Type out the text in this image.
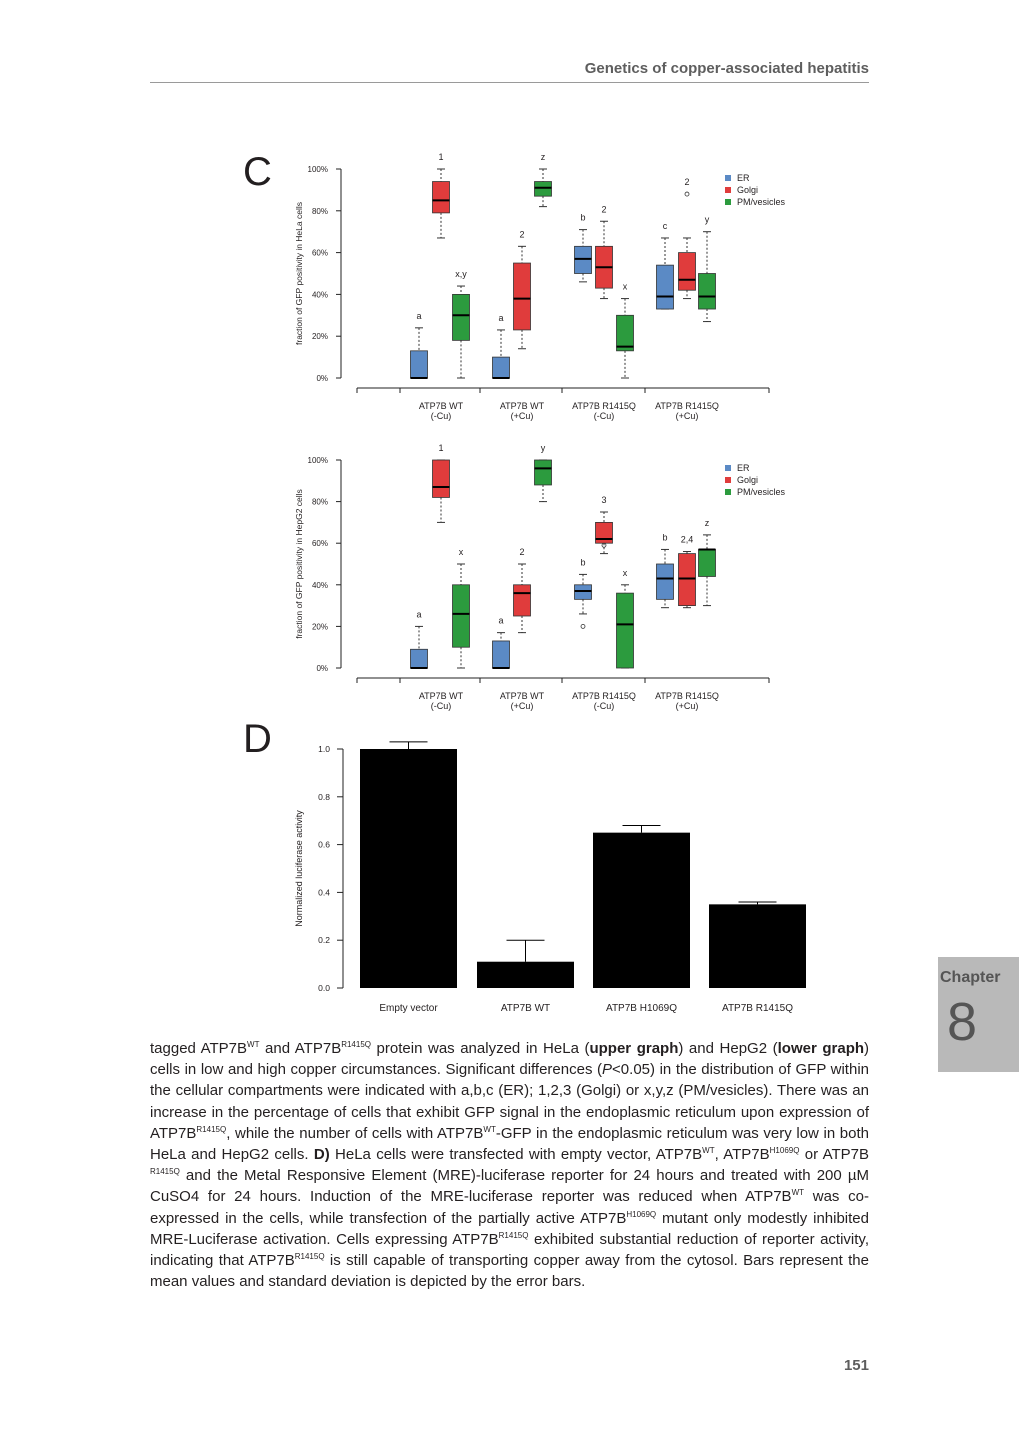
Genetics of copper-associated hepatitis
C
0%
20%
40%
60%
80%
100%
fraction of GFP positivity in HeLa cells
ATP7B WT
(-Cu)
ATP7B WT
(+Cu)
ATP7B R1415Q
(-Cu)
ATP7B R1415Q
(+Cu)
a	a
b
c
1
2
2
2
x,y
z
x
y
ER
Golgi
PM/vesicles
0%
20%
40%
60%
80%
100%
fraction of GFP positivity in HepG2 cells
ATP7B WT
(-Cu)
ATP7B WT
(+Cu)
ATP7B R1415Q
(-Cu)
ATP7B R1415Q
(+Cu)
a
a
b
b
1
2
3
2,4
x
y
x
z
ER
Golgi
PM/vesicles
D
0.0
0.2
0.4
0.6
0.8
1.0
Normalized luciferase activity
Empty vector	ATP7B WT	ATP7B H1069Q	ATP7B R1415Q
Chapter
8
tagged $ATP7B^{WT}$ and $ATP7B^{R1415Q}$ protein was analyzed in HeLa (upper graph) and HepG2 (lower graph) cells in low and high copper circumstances. Significant differences (P<0.05) in the distribution of GFP within the cellular compartments were indicated with a,b,c (ER); 1,2,3 (Golgi) or x,y,z (PM/vesicles). There was an increase in the percentage of cells that exhibit GFP signal in the endoplasmic reticulum upon expression of $ATP7B^{R1415Q}$, while the number of cells with $ATP7B^{WT}$-GFP in the endoplasmic reticulum was very low in both HeLa and HepG2 cells. D) HeLa cells were transfected with empty vector, $ATP7B^{WT}$, $ATP7B^{H1069Q}$ or ATP7B $^{R1415Q}$ and the Metal Responsive Element (MRE)-luciferase reporter for 24 hours and treated with 200 µM CuSO4 for 24 hours. Induction of the MRE-luciferase reporter was reduced when $ATP7B^{WT}$ was co-expressed in the cells, while transfection of the partially active $ATP7B^{H1069Q}$ mutant only modestly inhibited MRE-Luciferase activation. Cells expressing $ATP7B^{R1415Q}$ exhibited substantial reduction of reporter activity, indicating that $ATP7B^{R1415Q}$ is still capable of transporting copper away from the cytosol. Bars represent the mean values and standard deviation is depicted by the error bars.
151
